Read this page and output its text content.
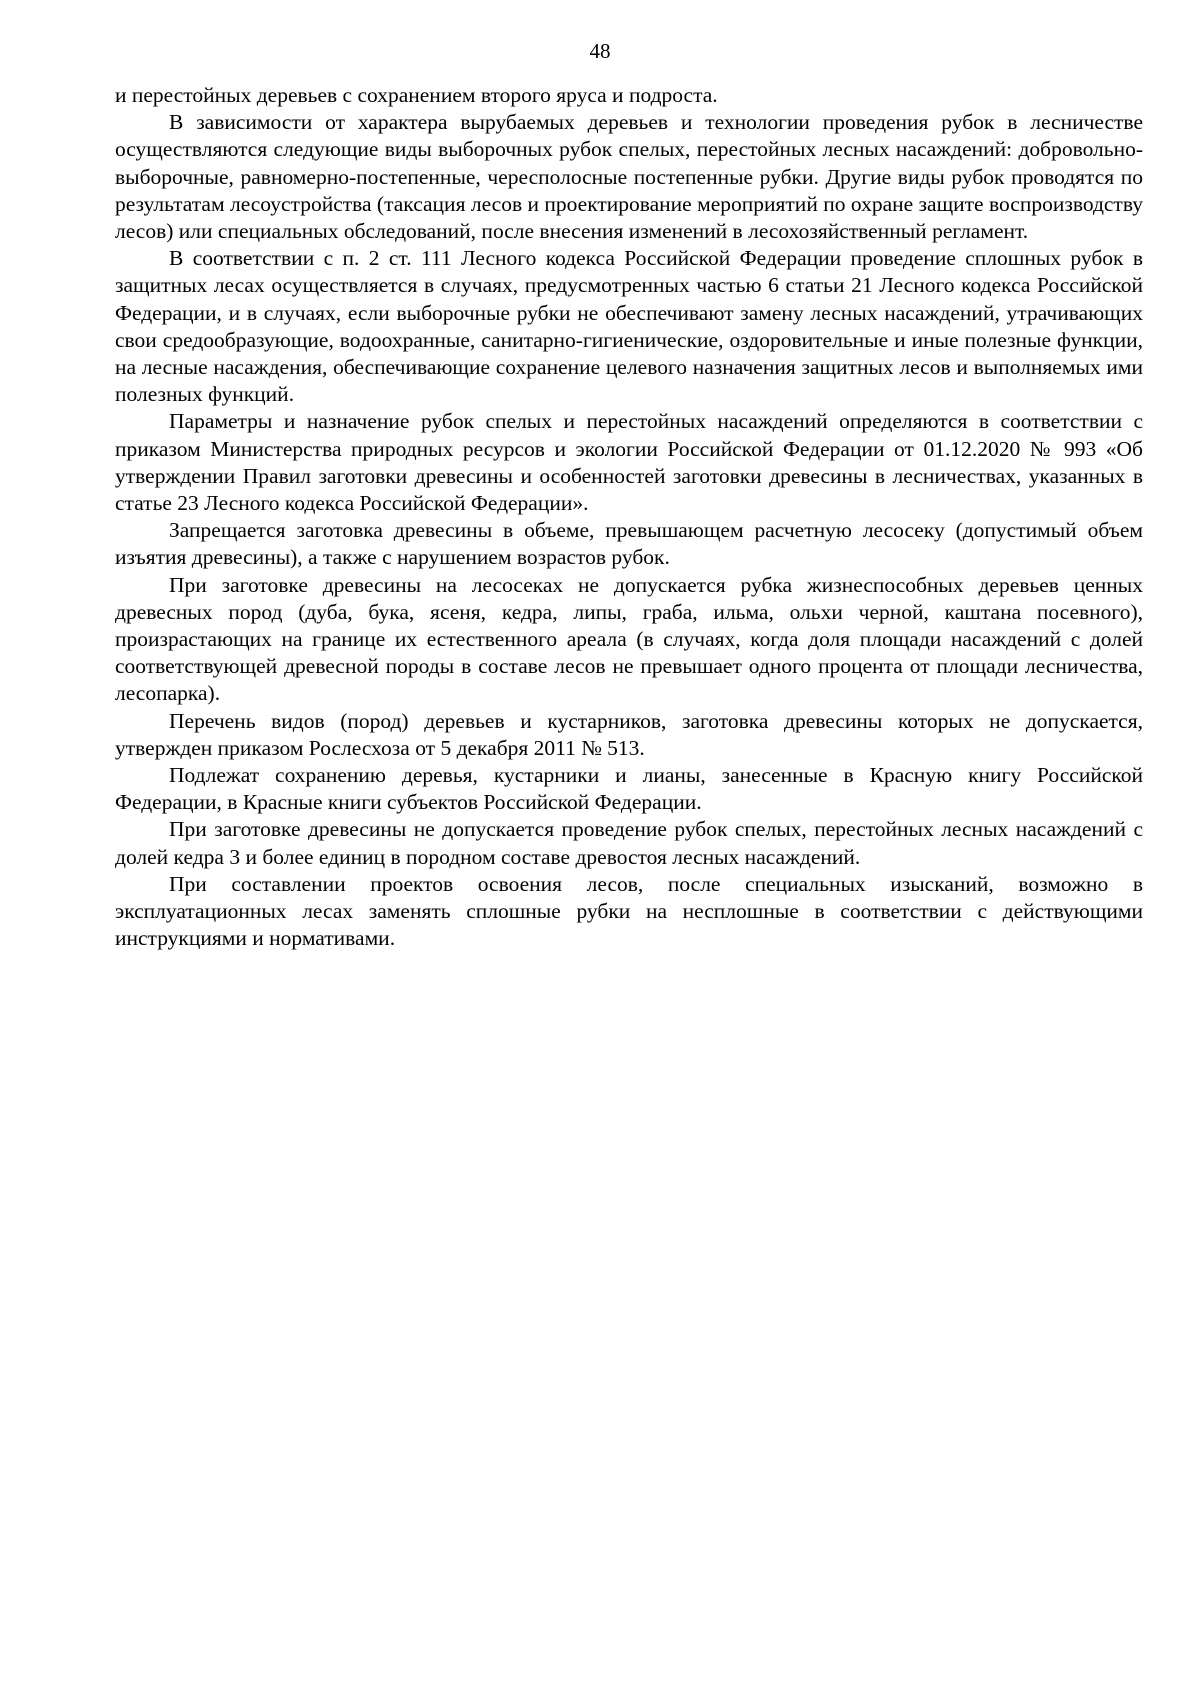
48

и перестойных деревьев с сохранением второго яруса и подроста.

В зависимости от характера вырубаемых деревьев и технологии проведения рубок в лесничестве осуществляются следующие виды выборочных рубок спелых, перестойных лесных насаждений: добровольно-выборочные, равномерно-постепенные, чересполосные постепенные рубки. Другие виды рубок проводятся по результатам лесоустройства (таксация лесов и проектирование мероприятий по охране защите воспроизводству лесов) или специальных обследований, после внесения изменений в лесохозяйственный регламент.

В соответствии с п. 2 ст. 111 Лесного кодекса Российской Федерации проведение сплошных рубок в защитных лесах осуществляется в случаях, предусмотренных частью 6 статьи 21 Лесного кодекса Российской Федерации, и в случаях, если выборочные рубки не обеспечивают замену лесных насаждений, утрачивающих свои средообразующие, водоохранные, санитарно-гигиенические, оздоровительные и иные полезные функции, на лесные насаждения, обеспечивающие сохранение целевого назначения защитных лесов и выполняемых ими полезных функций.

Параметры и назначение рубок спелых и перестойных насаждений определяются в соответствии с приказом Министерства природных ресурсов и экологии Российской Федерации от 01.12.2020 № 993 «Об утверждении Правил заготовки древесины и особенностей заготовки древесины в лесничествах, указанных в статье 23 Лесного кодекса Российской Федерации».

Запрещается заготовка древесины в объеме, превышающем расчетную лесосеку (допустимый объем изъятия древесины), а также с нарушением возрастов рубок.

При заготовке древесины на лесосеках не допускается рубка жизнеспособных деревьев ценных древесных пород (дуба, бука, ясеня, кедра, липы, граба, ильма, ольхи черной, каштана посевного), произрастающих на границе их естественного ареала (в случаях, когда доля площади насаждений с долей соответствующей древесной породы в составе лесов не превышает одного процента от площади лесничества, лесопарка).

Перечень видов (пород) деревьев и кустарников, заготовка древесины которых не допускается, утвержден приказом Рослесхоза от 5 декабря 2011 № 513.

Подлежат сохранению деревья, кустарники и лианы, занесенные в Красную книгу Российской Федерации, в Красные книги субъектов Российской Федерации.

При заготовке древесины не допускается проведение рубок спелых, перестойных лесных насаждений с долей кедра 3 и более единиц в породном составе древостоя лесных насаждений.

При составлении проектов освоения лесов, после специальных изысканий, возможно в эксплуатационных лесах заменять сплошные рубки на несплошные в соответствии с действующими инструкциями и нормативами.
